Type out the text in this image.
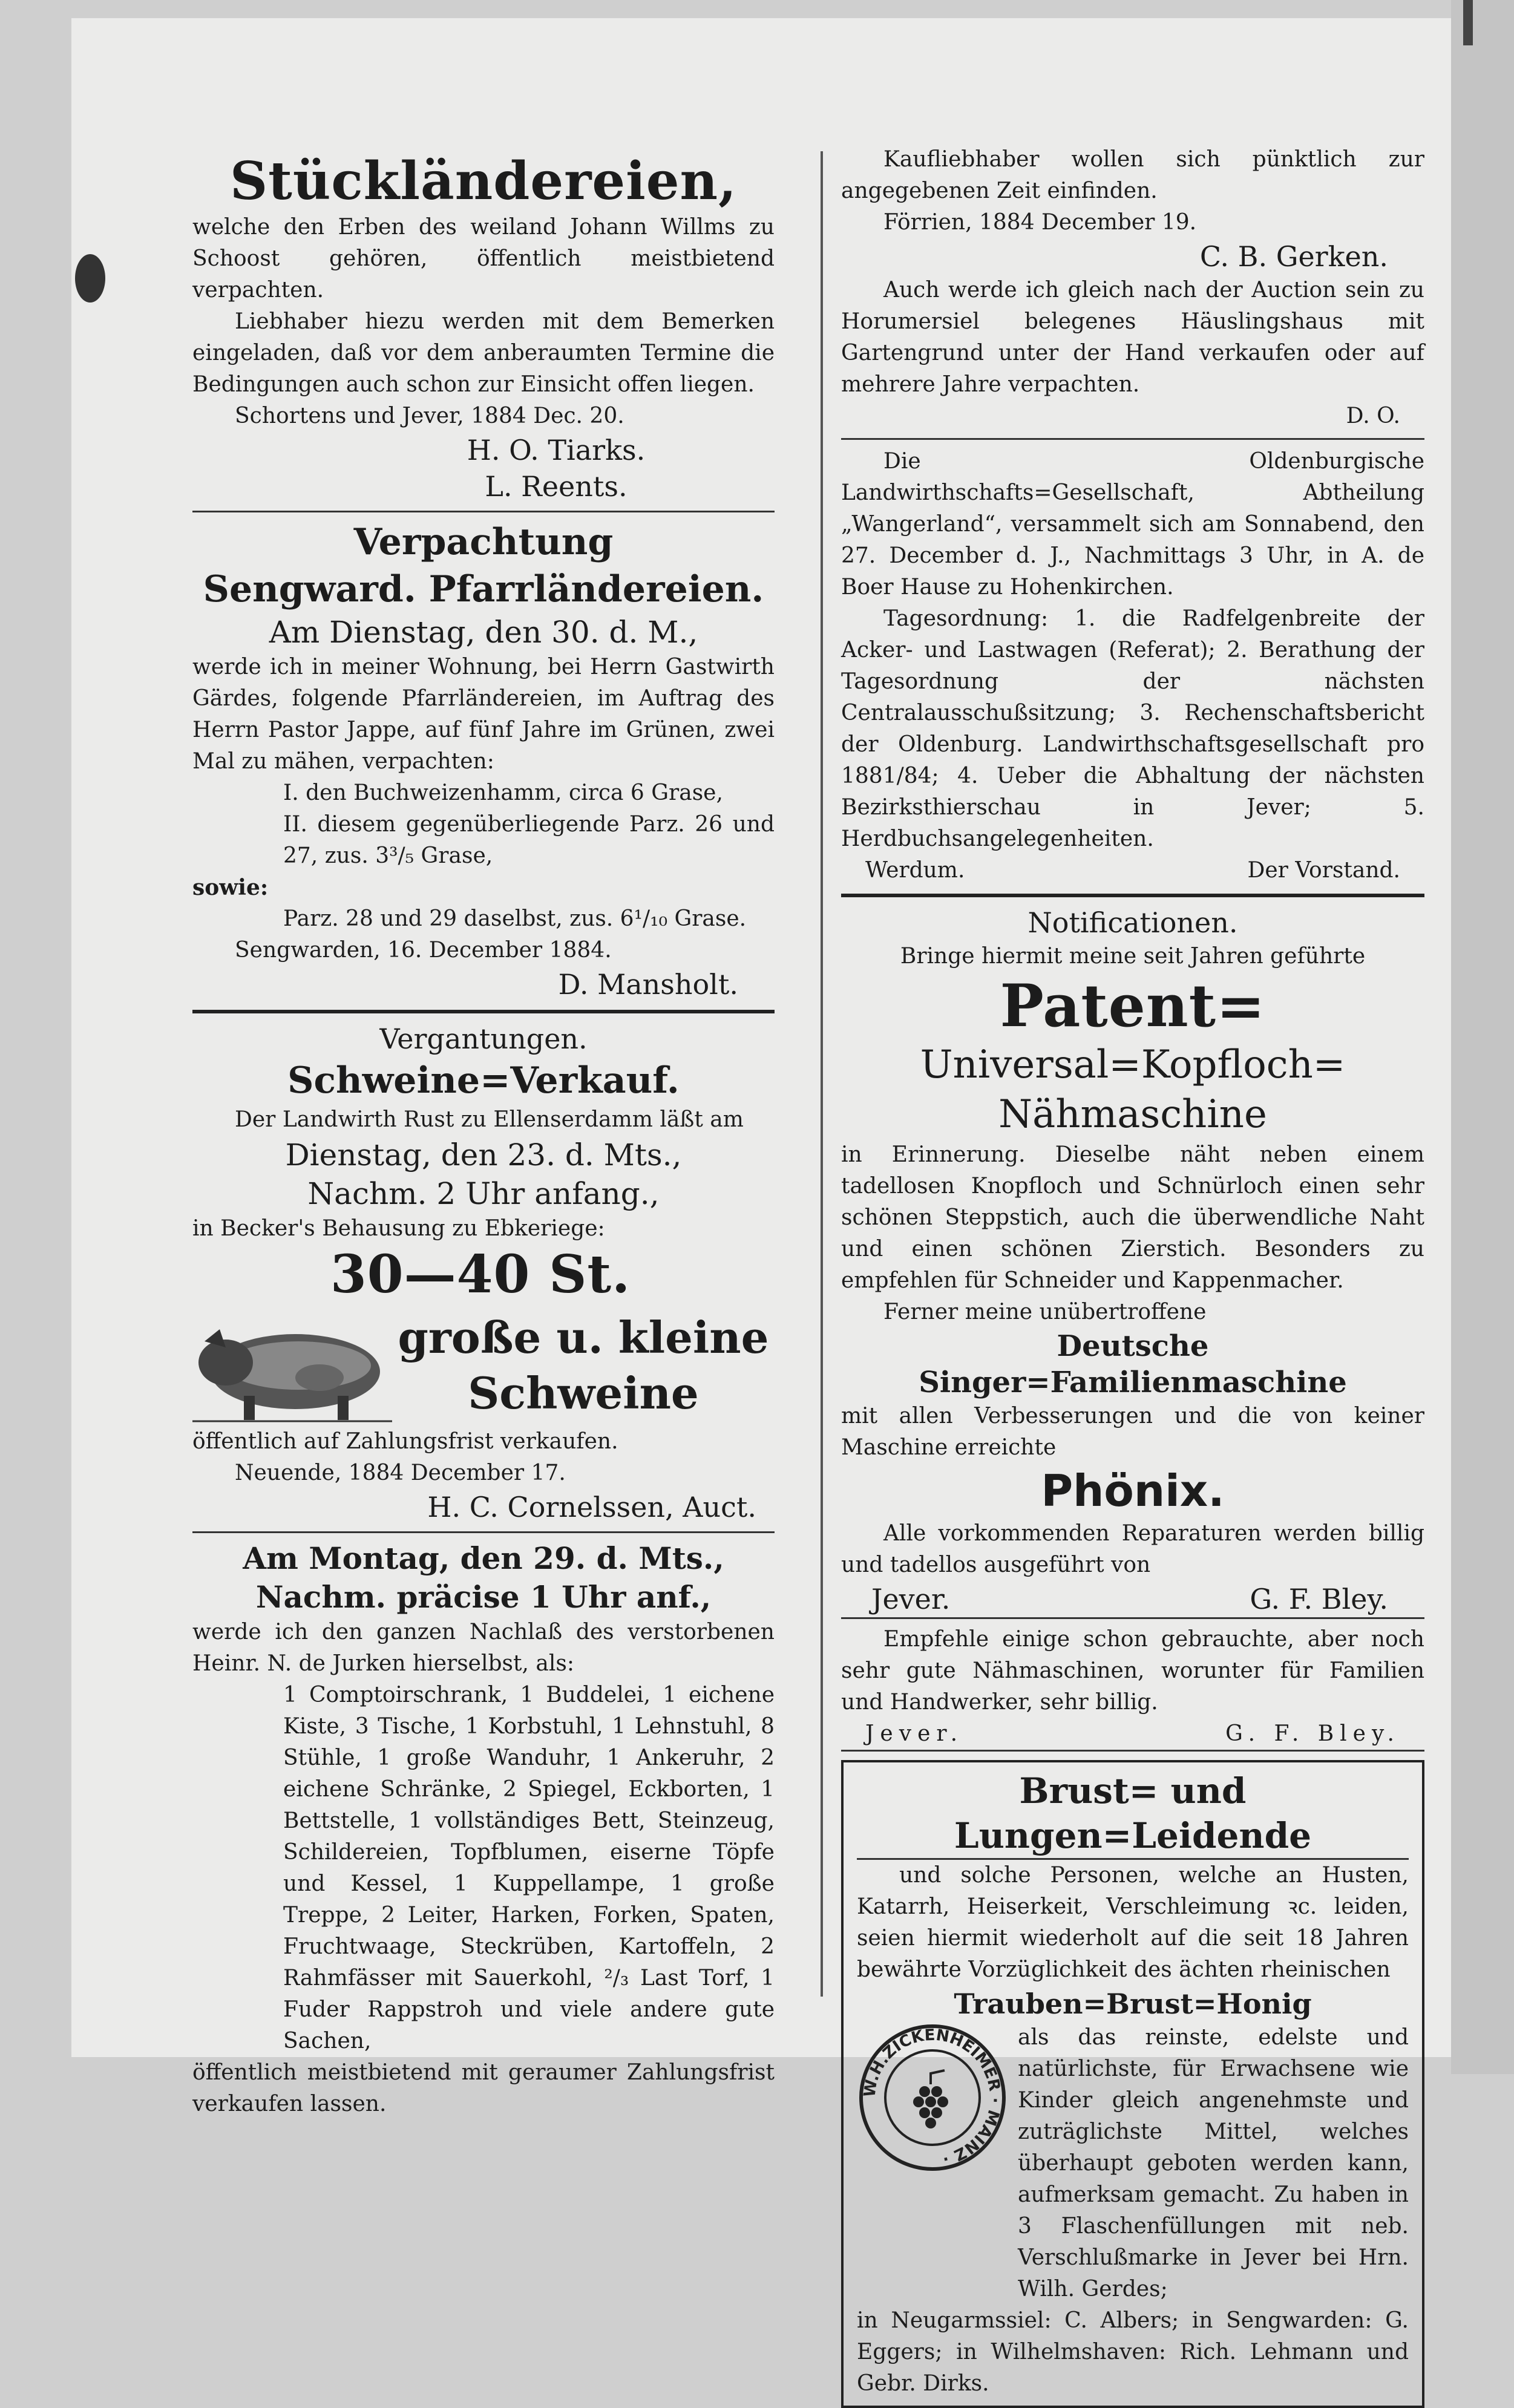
Stückländereien,

welche den Erben des weiland Johann Willms zu Schoost gehören, öffentlich meistbietend verpachten.

Liebhaber hiezu werden mit dem Bemerken eingeladen, daß vor dem anberaumten Termine die Bedingungen auch schon zur Einsicht offen liegen.

Schortens und Jever, 1884 Dec. 20.

H. O. Tiarks.
L. Reents.
Verpachtung
Sengward. Pfarrländereien.
Am Dienstag, den 30. d. M.,

werde ich in meiner Wohnung, bei Herrn Gastwirth Gärdes, folgende Pfarrländereien, im Auftrag des Herrn Pastor Jappe, auf fünf Jahre im Grünen, zwei Mal zu mähen, verpachten:

I. den Buchweizenhamm, circa 6 Grase,

II. diesem gegenüberliegende Parz. 26 und 27, zus. 3³/₅ Grase,

sowie:

Parz. 28 und 29 daselbst, zus. 6¹/₁₀ Grase.

Sengwarden, 16. December 1884.

D. Mansholt.
Vergantungen.
Schweine=Verkauf.

Der Landwirth Rust zu Ellenserdamm läßt am

Dienstag, den 23. d. Mts.,
Nachm. 2 Uhr anfang.,

in Becker's Behausung zu Ebkeriege:

30—40 St.
große u. kleine
Schweine

öffentlich auf Zahlungsfrist verkaufen.

Neuende, 1884 December 17.

H. C. Cornelssen, Auct.
Am Montag, den 29. d. Mts.,
Nachm. präcise 1 Uhr anf.,

werde ich den ganzen Nachlaß des verstorbenen Heinr. N. de Jurken hierselbst, als:

1 Comptoirschrank, 1 Buddelei, 1 eichene Kiste, 3 Tische, 1 Korbstuhl, 1 Lehnstuhl, 8 Stühle, 1 große Wanduhr, 1 Ankeruhr, 2 eichene Schränke, 2 Spiegel, Eckborten, 1 Bettstelle, 1 vollständiges Bett, Steinzeug, Schildereien, Topfblumen, eiserne Töpfe und Kessel, 1 Kuppellampe, 1 große Treppe, 2 Leiter, Harken, Forken, Spaten, Fruchtwaage, Steckrüben, Kartoffeln, 2 Rahmfässer mit Sauerkohl, ²/₃ Last Torf, 1 Fuder Rappstroh und viele andere gute Sachen,

öffentlich meistbietend mit geraumer Zahlungsfrist verkaufen lassen.

Kaufliebhaber wollen sich pünktlich zur angegebenen Zeit einfinden.

Förrien, 1884 December 19.

C. B. Gerken.

Auch werde ich gleich nach der Auction sein zu Horumersiel belegenes Häuslingshaus mit Gartengrund unter der Hand verkaufen oder auf mehrere Jahre verpachten.

D. O.

Die Oldenburgische Landwirthschafts=Gesellschaft, Abtheilung „Wangerland“, versammelt sich am Sonnabend, den 27. December d. J., Nachmittags 3 Uhr, in A. de Boer Hause zu Hohenkirchen.

Tagesordnung: 1. die Radfelgenbreite der Acker- und Lastwagen (Referat); 2. Berathung der Tagesordnung der nächsten Centralausschußsitzung; 3. Rechenschaftsbericht der Oldenburg. Landwirthschaftsgesellschaft pro 1881/84; 4. Ueber die Abhaltung der nächsten Bezirksthierschau in Jever; 5. Herdbuchsangelegenheiten.

Werdum.	Der Vorstand.
Notificationen.

Bringe hiermit meine seit Jahren geführte

Patent=
Universal=Kopfloch=
Nähmaschine

in Erinnerung. Dieselbe näht neben einem tadellosen Knopfloch und Schnürloch einen sehr schönen Steppstich, auch die überwendliche Naht und einen schönen Zierstich. Besonders zu empfehlen für Schneider und Kappenmacher.

Ferner meine unübertroffene

Deutsche Singer=Familienmaschine

mit allen Verbesserungen und die von keiner Maschine erreichte

Phönix.

Alle vorkommenden Reparaturen werden billig und tadellos ausgeführt von

Jever.	G. F. Bley.

Empfehle einige schon gebrauchte, aber noch sehr gute Nähmaschinen, worunter für Familien und Handwerker, sehr billig.

Jever.	G. F. Bley.
Brust= und Lungen=Leidende

und solche Personen, welche an Husten, Katarrh, Heiserkeit, Verschleimung ꝛc. leiden, seien hiermit wiederholt auf die seit 18 Jahren bewährte Vorzüglichkeit des ächten rheinischen

Trauben=Brust=Honig
W.H.ZICKENHEIMER · MAINZ ·

als das reinste, edelste und natürlichste, für Erwachsene wie Kinder gleich angenehmste und zuträglichste Mittel, welches überhaupt geboten werden kann, aufmerksam gemacht. Zu haben in 3 Flaschenfüllungen mit neb. Verschlußmarke in Jever bei Hrn. Wilh. Gerdes;

in Neugarmssiel: C. Albers; in Sengwarden: G. Eggers; in Wilhelmshaven: Rich. Lehmann und Gebr. Dirks.
